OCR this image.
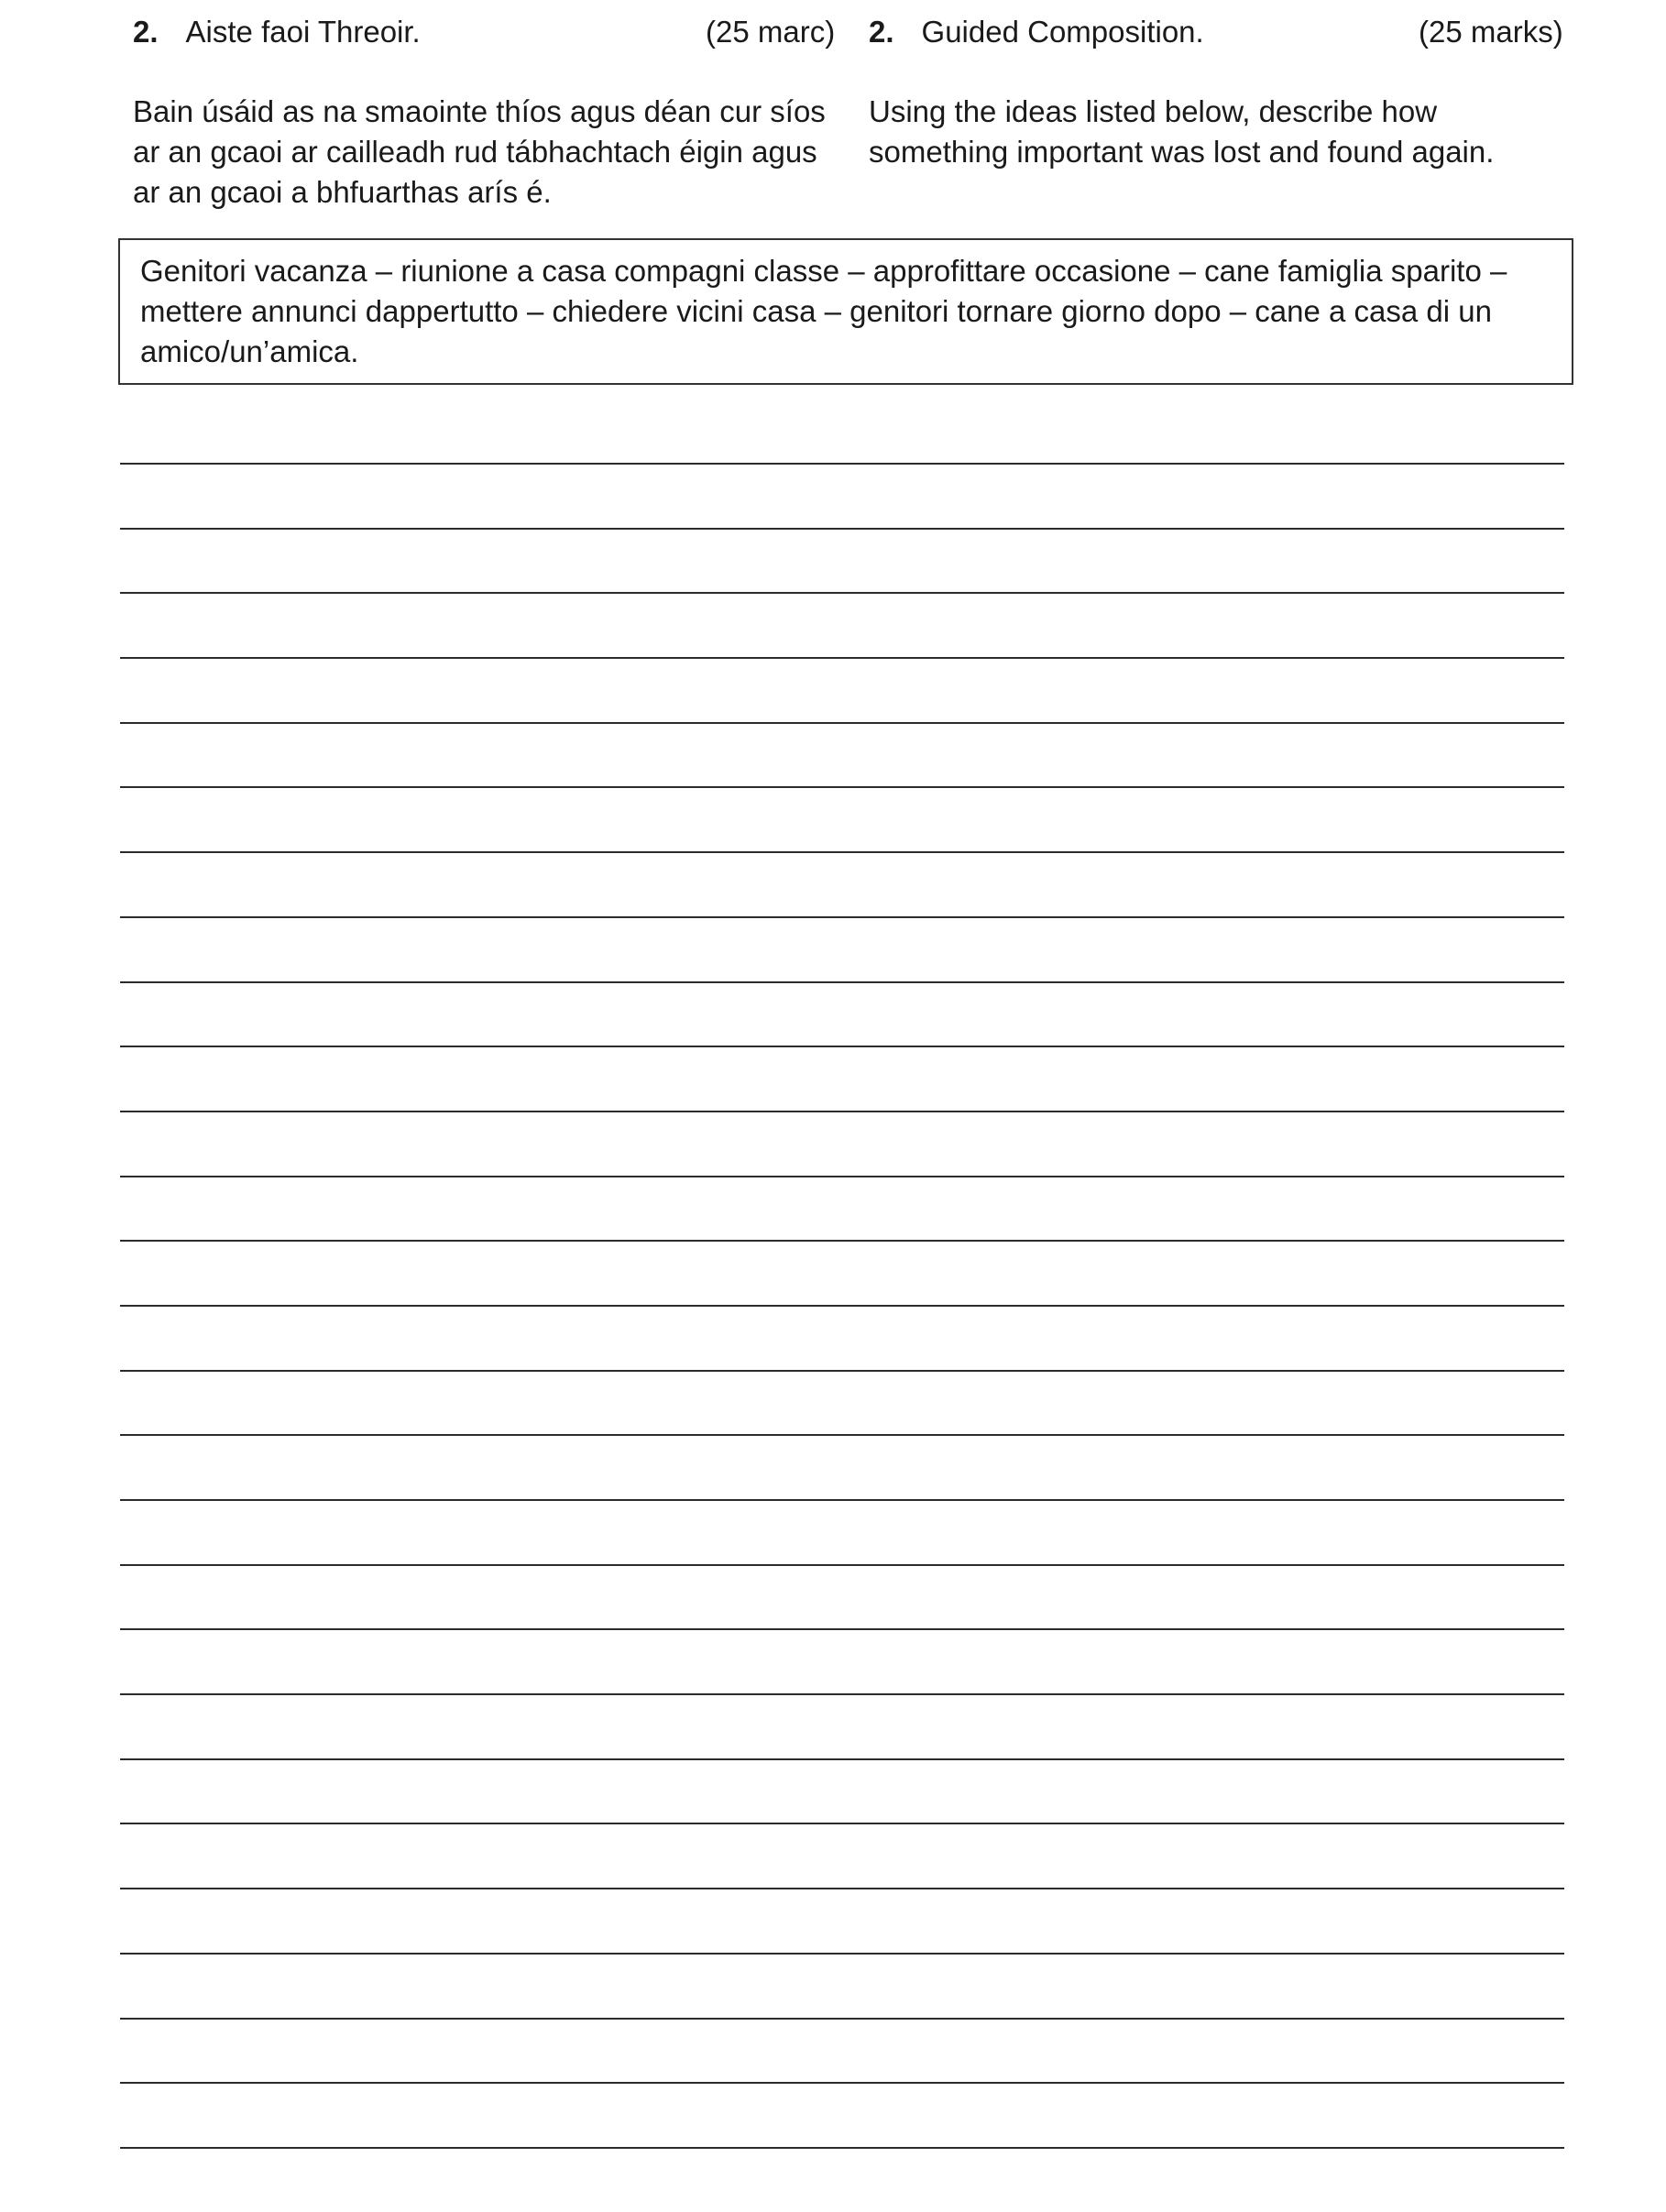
2. Aiste faoi Threoir.	(25 marc) 2. Guided Composition.	(25 marks)
Bain úsáid as na smaointe thíos agus déan cur síos ar an gcaoi ar cailleadh rud tábhachtach éigin agus ar an gcaoi a bhfuarthas arís é.
Using the ideas listed below, describe how something important was lost and found again.
Genitori vacanza – riunione a casa compagni classe – approfittare occasione – cane famiglia sparito – mettere annunci dappertutto – chiedere vicini casa – genitori tornare giorno dopo – cane a casa di un amico/un’amica.
